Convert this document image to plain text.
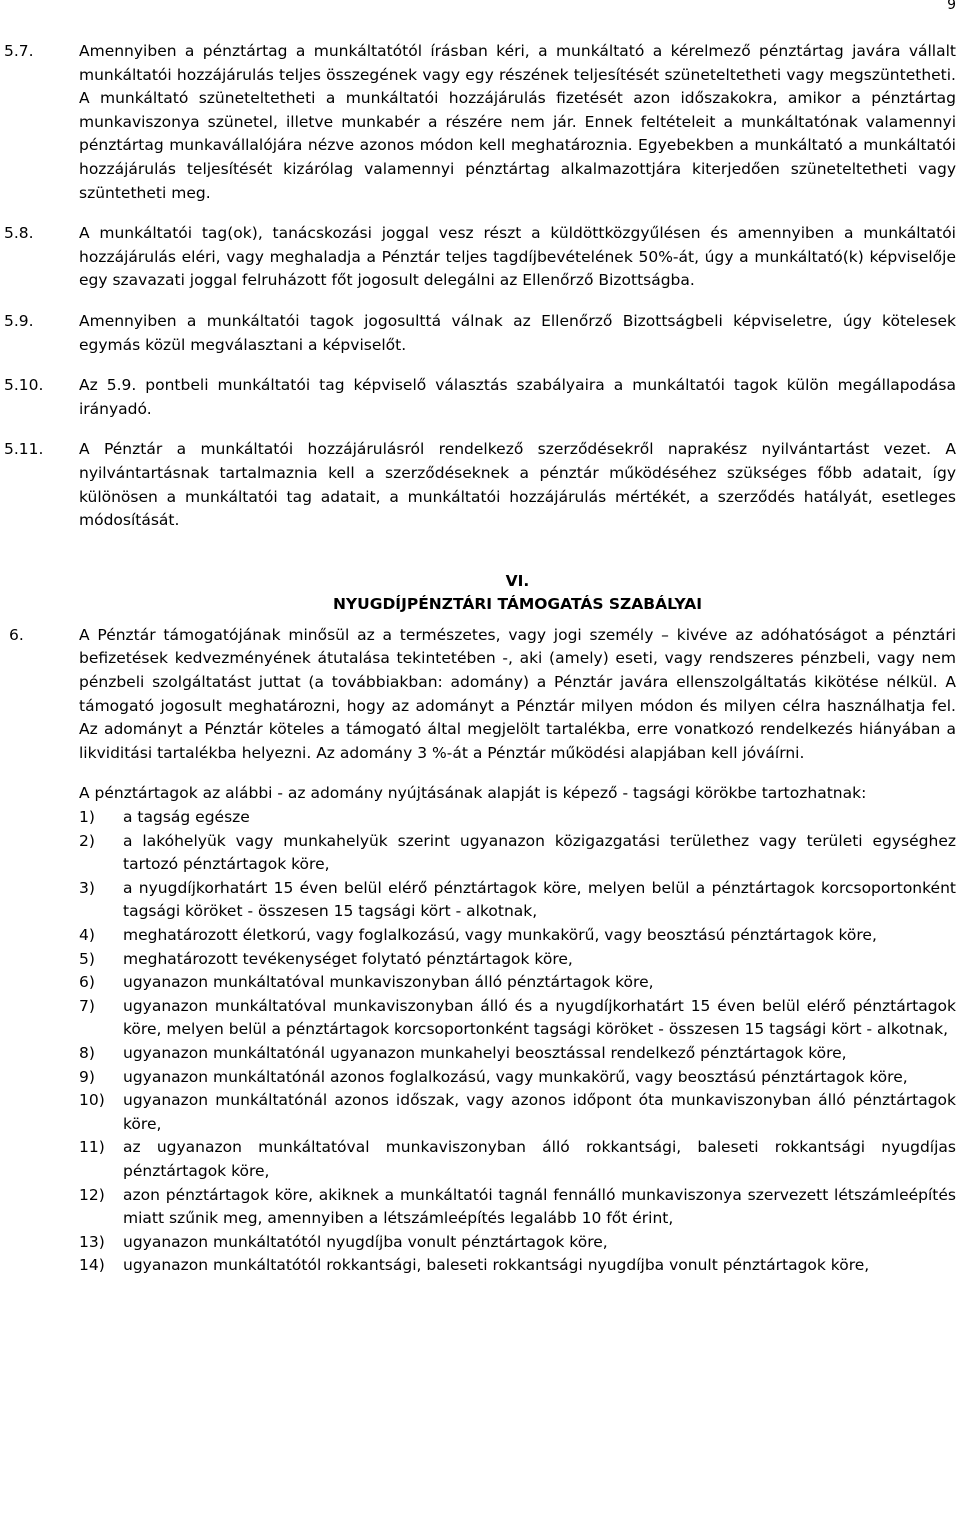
9
5.7.	Amennyiben a pénztártag a munkáltatótól írásban kéri, a munkáltató a kérelmező pénztártag javára vállalt munkáltatói hozzájárulás teljes összegének vagy egy részének teljesítését szüneteltetheti vagy megszüntetheti. A munkáltató szüneteltetheti a munkáltatói hozzájárulás fizetését azon időszakokra, amikor a pénztártag munkaviszonya szünetel, illetve munkabér a részére nem jár. Ennek feltételeit a munkáltatónak valamennyi pénztártag munkavállalójára nézve azonos módon kell meghatároznia. Egyebekben a munkáltató a munkáltatói hozzájárulás teljesítését kizárólag valamennyi pénztártag alkalmazottjára kiterjedően szüneteltetheti vagy szüntetheti meg.
5.8.	A munkáltatói tag(ok), tanácskozási joggal vesz részt a küldöttközgyűlésen és amennyiben a munkáltatói hozzájárulás eléri, vagy meghaladja a Pénztár teljes tagdíjbevételének 50%-át, úgy a munkáltató(k) képviselője egy szavazati joggal felruházott főt jogosult delegálni az Ellenőrző Bizottságba.
5.9.	Amennyiben a munkáltatói tagok jogosulttá válnak az Ellenőrző Bizottságbeli képviseletre, úgy kötelesek egymás közül megválasztani a képviselőt.
5.10.	Az 5.9. pontbeli munkáltatói tag képviselő választás szabályaira a munkáltatói tagok külön megállapodása irányadó.
5.11.	A Pénztár a munkáltatói hozzájárulásról rendelkező szerződésekről naprakész nyilvántartást vezet. A nyilvántartásnak tartalmaznia kell a szerződéseknek a pénztár működéséhez szükséges főbb adatait, így különösen a munkáltatói tag adatait, a munkáltatói hozzájárulás mértékét, a szerződés hatályát, esetleges módosítását.
VI.
NYUGDÍJPÉNZTÁRI TÁMOGATÁS SZABÁLYAI
6.	A Pénztár támogatójának minősül az a természetes, vagy jogi személy – kivéve az adóhatóságot a pénztári befizetések kedvezményének átutalása tekintetében -, aki (amely) eseti, vagy rendszeres pénzbeli, vagy nem pénzbeli szolgáltatást juttat (a továbbiakban: adomány) a Pénztár javára ellenszolgáltatás kikötése nélkül. A támogató jogosult meghatározni, hogy az adományt a Pénztár milyen módon és milyen célra használhatja fel. Az adományt a Pénztár köteles a támogató által megjelölt tartalékba, erre vonatkozó rendelkezés hiányában a likviditási tartalékba helyezni. Az adomány 3 %-át a Pénztár működési alapjában kell jóváírni.
A pénztártagok az alábbi - az adomány nyújtásának alapját is képező - tagsági körökbe tartozhatnak:
1)	a tagság egésze
2)	a lakóhelyük vagy munkahelyük szerint ugyanazon közigazgatási területhez vagy területi egységhez tartozó pénztártagok köre,
3)	a nyugdíjkorhatárt 15 éven belül elérő pénztártagok köre, melyen belül a pénztártagok korcsoportonként tagsági köröket - összesen 15 tagsági kört - alkotnak,
4)	meghatározott életkorú, vagy foglalkozású, vagy munkakörű, vagy beosztású pénztártagok köre,
5)	meghatározott tevékenységet folytató pénztártagok köre,
6)	ugyanazon munkáltatóval munkaviszonyban álló pénztártagok köre,
7)	ugyanazon munkáltatóval munkaviszonyban álló és a nyugdíjkorhatárt 15 éven belül elérő pénztártagok köre, melyen belül a pénztártagok korcsoportonként tagsági köröket - összesen 15 tagsági kört - alkotnak,
8)	ugyanazon munkáltatónál ugyanazon munkahelyi beosztással rendelkező pénztártagok köre,
9)	ugyanazon munkáltatónál azonos foglalkozású, vagy munkakörű, vagy beosztású pénztártagok köre,
10)	ugyanazon munkáltatónál azonos időszak, vagy azonos időpont óta munkaviszonyban álló pénztártagok köre,
11)	az ugyanazon munkáltatóval munkaviszonyban álló rokkantsági, baleseti rokkantsági nyugdíjas pénztártagok köre,
12)	azon pénztártagok köre, akiknek a munkáltatói tagnál fennálló munkaviszonya szervezett létszámleépítés miatt szűnik meg, amennyiben a létszámleépítés legalább 10 főt érint,
13)	ugyanazon munkáltatótól nyugdíjba vonult pénztártagok köre,
14)	ugyanazon munkáltatótól rokkantsági, baleseti rokkantsági nyugdíjba vonult pénztártagok köre,
